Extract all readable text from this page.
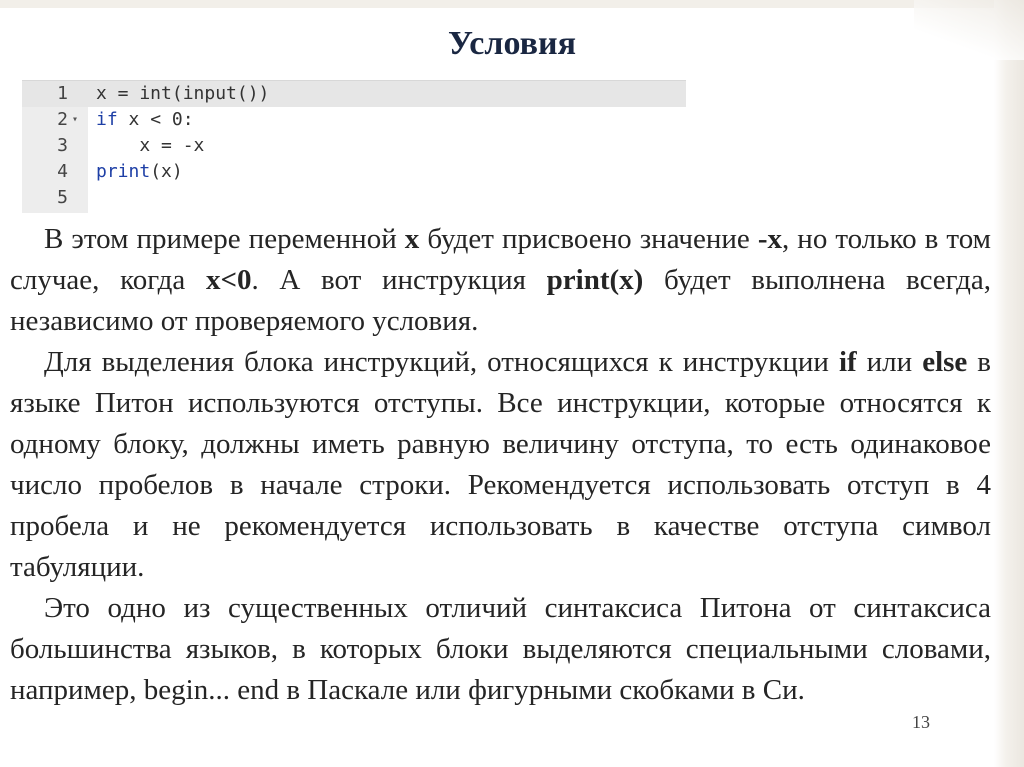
Условия
1 x = int(input())
2 ▾ if x < 0:
3 x = -x
4 print(x)
5

В этом примере переменной x будет присвоено значение -x, но только в том случае, когда x<0. А вот инструкция print(x) будет выполнена всегда, независимо от проверяемого условия.

Для выделения блока инструкций, относящихся к инструкции if или else в языке Питон используются отступы. Все инструкции, которые относятся к одному блоку, должны иметь равную величину отступа, то есть одинаковое число пробелов в начале строки. Рекомендуется использовать отступ в 4 пробела и не рекомендуется использовать в качестве отступа символ табуляции.

Это одно из существенных отличий синтаксиса Питона от синтаксиса большинства языков, в которых блоки выделяются специальными словами, например, begin... end в Паскале или фигурными скобками в Си.

13
